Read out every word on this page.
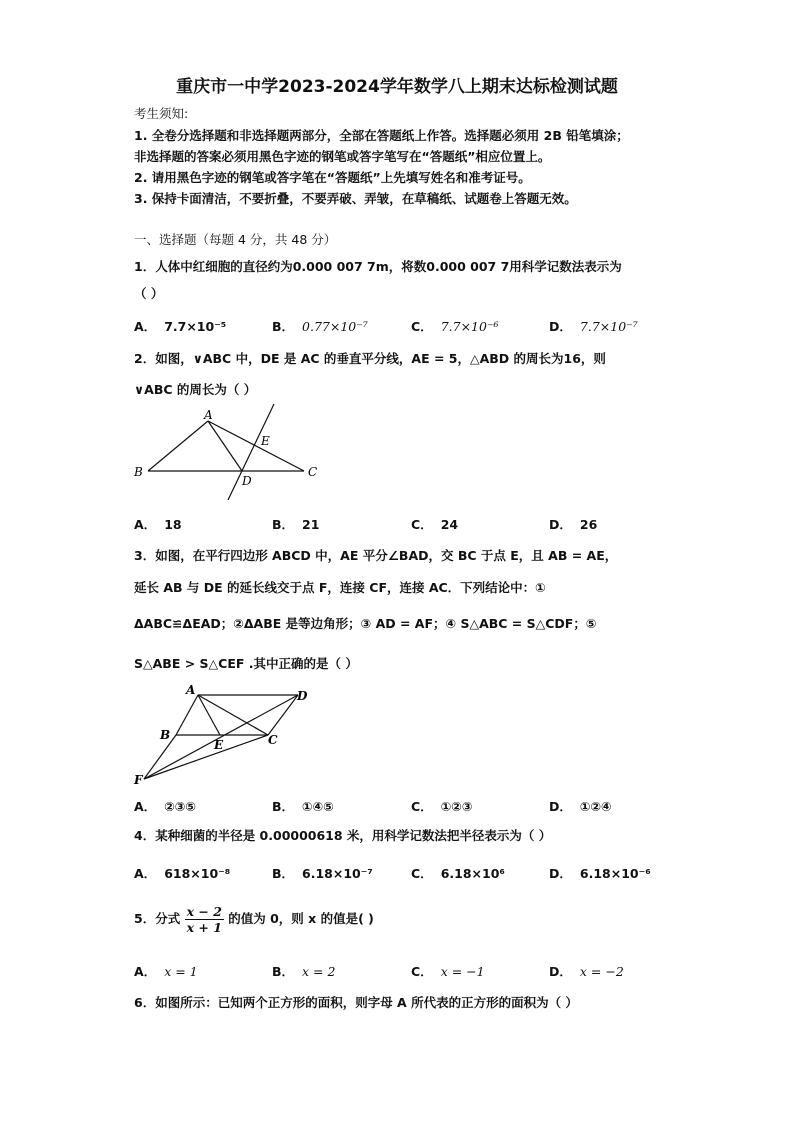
重庆市一中学2023-2024学年数学八上期末达标检测试题
考生须知:
1. 全卷分选择题和非选择题两部分，全部在答题纸上作答。选择题必须用 2B 铅笔填涂；
非选择题的答案必须用黑色字迹的钢笔或答字笔写在“答题纸”相应位置上。
2. 请用黑色字迹的钢笔或答字笔在“答题纸”上先填写姓名和准考证号。
3. 保持卡面清洁，不要折叠，不要弄破、弄皱，在草稿纸、试题卷上答题无效。
一、选择题（每题 4 分，共 48 分）
1．人体中红细胞的直径约为0.000 007 7m，将数0.000 007 7用科学记数法表示为
（ ）
A． 7.7×10⁻⁵	B． 0.77×10⁻⁷	C． 7.7×10⁻⁶	D． 7.7×10⁻⁷
2．如图，∨ABC 中，DE 是 AC 的垂直平分线，AE = 5，△ABD 的周长为16，则
∨ABC 的周长为（ ）
A
B	C
D
E
A． 18	B． 21	C． 24	D． 26
3．如图，在平行四边形 ABCD 中，AE 平分∠BAD，交 BC 于点 E，且 AB = AE，
延长 AB 与 DE 的延长线交于点 F，连接 CF，连接 AC．下列结论中：①
ΔABC≌ΔEAD；②ΔABE 是等边角形；③ AD = AF；④ S△ABC = S△CDF；⑤
S△ABE > S△CEF .其中正确的是（ ）
A
B	C
D
E
F
A． ②③⑤	B． ①④⑤	C． ①②③	D． ①②④
4．某种细菌的半径是 0.00000618 米，用科学记数法把半径表示为（ ）
A． 618×10⁻⁸	B． 6.18×10⁻⁷	C． 6.18×10⁶	D． 6.18×10⁻⁶
5．分式 $\frac{x - 2}{x + 1}$ 的值为 0，则 x 的值是( )
A． x = 1	B． x = 2	C． x = −1	D． x = −2
6．如图所示：已知两个正方形的面积，则字母 A 所代表的正方形的面积为（ ）
